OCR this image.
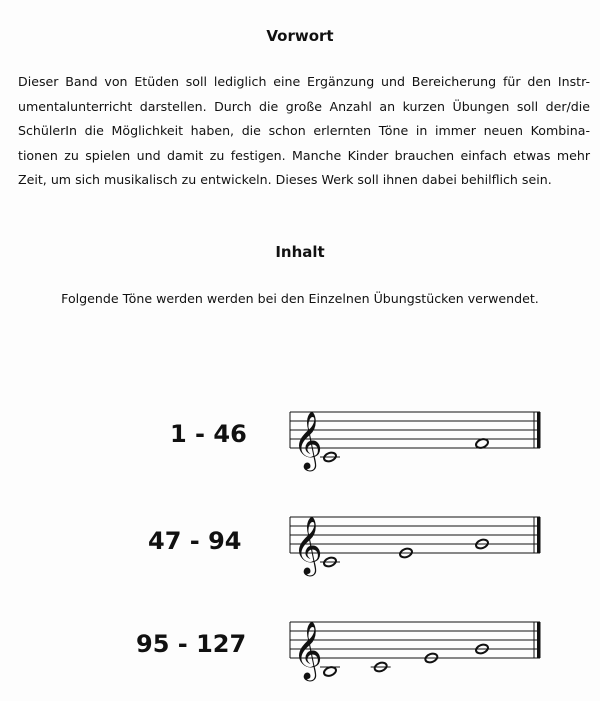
Vorwort
Dieser Band von Etüden soll lediglich eine Ergänzung und Bereicherung für den Instr-
umentalunterricht darstellen. Durch die große Anzahl an kurzen Übungen soll der/die
SchülerIn die Möglichkeit haben, die schon erlernten Töne in immer neuen Kombina-
tionen zu spielen und damit zu festigen. Manche Kinder brauchen einfach etwas mehr
Zeit, um sich musikalisch zu entwickeln. Dieses Werk soll ihnen dabei behilflich sein.
Inhalt
Folgende Töne werden werden bei den Einzelnen Übungstücken verwendet.
1 - 46 𝄞
47 - 94 𝄞
95 - 127 𝄞
